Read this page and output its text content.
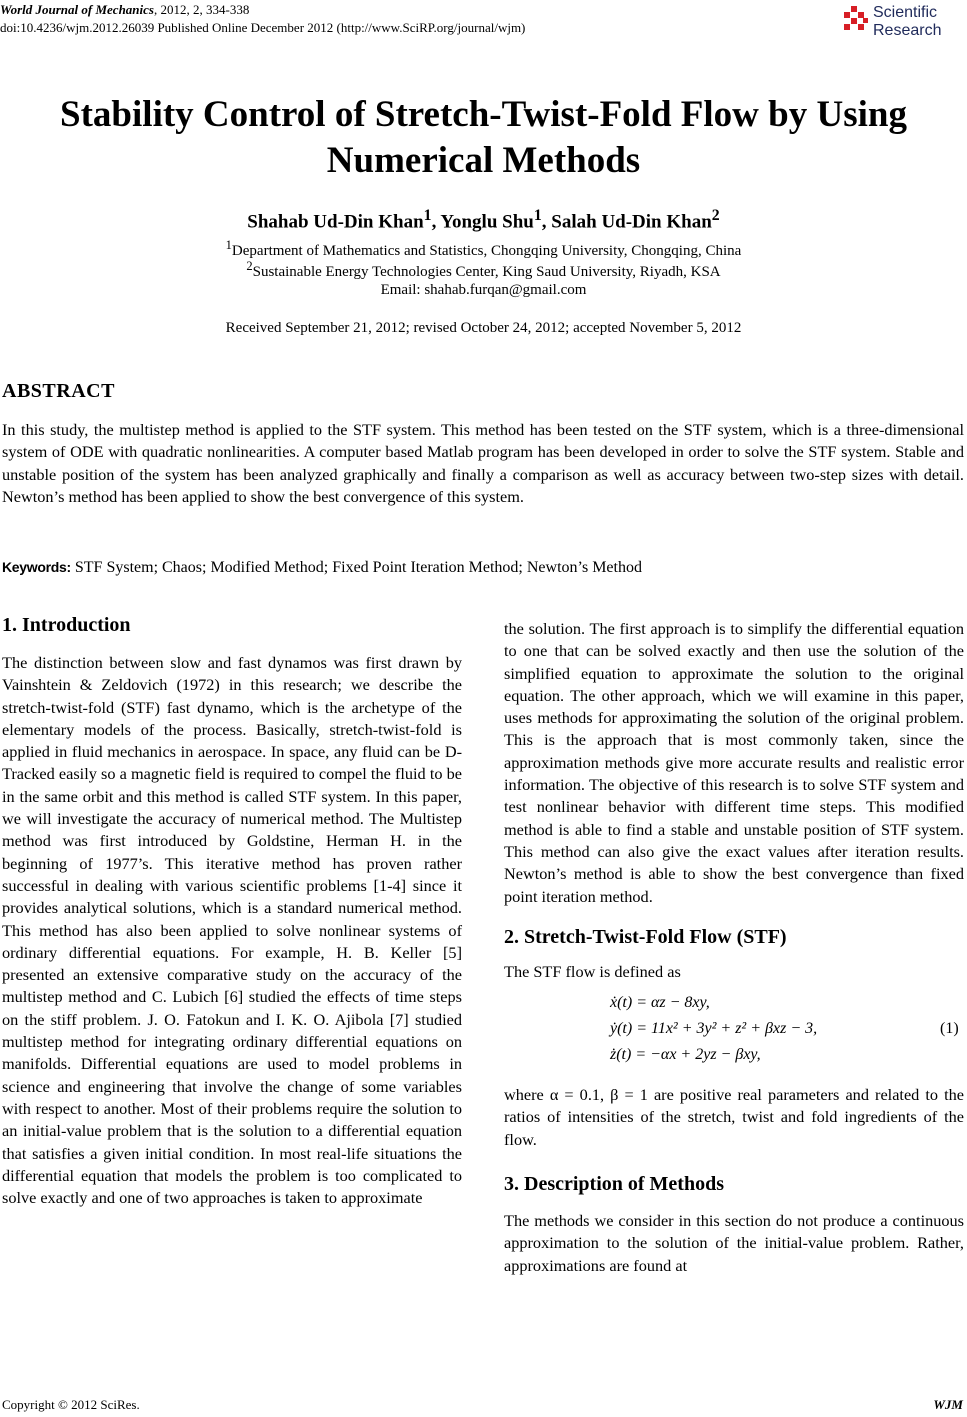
World Journal of Mechanics, 2012, 2, 334-338
doi:10.4236/wjm.2012.26039 Published Online December 2012 (http://www.SciRP.org/journal/wjm)
Scientific
Research
Stability Control of Stretch-Twist-Fold Flow by Using
Numerical Methods
Shahab Ud-Din Khan$^1$, Yonglu Shu$^1$, Salah Ud-Din Khan$^2$
$^1$Department of Mathematics and Statistics, Chongqing University, Chongqing, China
$^2$Sustainable Energy Technologies Center, King Saud University, Riyadh, KSA
Email: shahab.furqan@gmail.com
Received September 21, 2012; revised October 24, 2012; accepted November 5, 2012
ABSTRACT
In this study, the multistep method is applied to the STF system. This method has been tested on the STF system, which is a three-dimensional system of ODE with quadratic nonlinearities. A computer based Matlab program has been developed in order to solve the STF system. Stable and unstable position of the system has been analyzed graphically and finally a comparison as well as accuracy between two-step sizes with detail. Newton’s method has been applied to show the best convergence of this system.
Keywords: STF System; Chaos; Modified Method; Fixed Point Iteration Method; Newton’s Method
1. Introduction
The distinction between slow and fast dynamos was first drawn by Vainshtein & Zeldovich (1972) in this research; we describe the stretch-twist-fold (STF) fast dynamo, which is the archetype of the elementary models of the process. Basically, stretch-twist-fold is applied in fluid mechanics in aerospace. In space, any fluid can be D-Tracked easily so a magnetic field is required to compel the fluid to be in the same orbit and this method is called STF system. In this paper, we will investigate the accuracy of numerical method. The Multistep method was first introduced by Goldstine, Herman H. in the beginning of 1977’s. This iterative method has proven rather successful in dealing with various scientific problems [1-4] since it provides analytical solutions, which is a standard numerical method. This method has also been applied to solve nonlinear systems of ordinary differential equations. For example, H. B. Keller [5] presented an extensive comparative study on the accuracy of the multistep method and C. Lubich [6] studied the effects of time steps on the stiff problem. J. O. Fatokun and I. K. O. Ajibola [7] studied multistep method for integrating ordinary differential equations on manifolds. Differential equations are used to model problems in science and engineering that involve the change of some variables with respect to another. Most of their problems require the solution to an initial-value problem that is the solution to a differential equation that satisfies a given initial condition. In most real-life situations the differential equation that models the problem is too complicated to solve exactly and one of two approaches is taken to approximate
the solution. The first approach is to simplify the differential equation to one that can be solved exactly and then use the solution of the simplified equation to approximate the solution to the original equation. The other approach, which we will examine in this paper, uses methods for approximating the solution of the original problem. This is the approach that is most commonly taken, since the approximation methods give more accurate results and realistic error information. The objective of this research is to solve STF system and test nonlinear behavior with different time steps. This modified method is able to find a stable and unstable position of STF system. This method can also give the exact values after iteration results. Newton’s method is able to show the best convergence than fixed point iteration method.
2. Stretch-Twist-Fold Flow (STF)
The STF flow is defined as
ẋ(t) = αz − 8xy,
ẏ(t) = 11x² + 3y² + z² + βxz − 3,
ż(t) = −αx + 2yz − βxy,
(1)
where α = 0.1, β = 1 are positive real parameters and related to the ratios of intensities of the stretch, twist and fold ingredients of the flow.
3. Description of Methods
The methods we consider in this section do not produce a continuous approximation to the solution of the initial-value problem. Rather, approximations are found at
Copyright © 2012 SciRes.	WJM
